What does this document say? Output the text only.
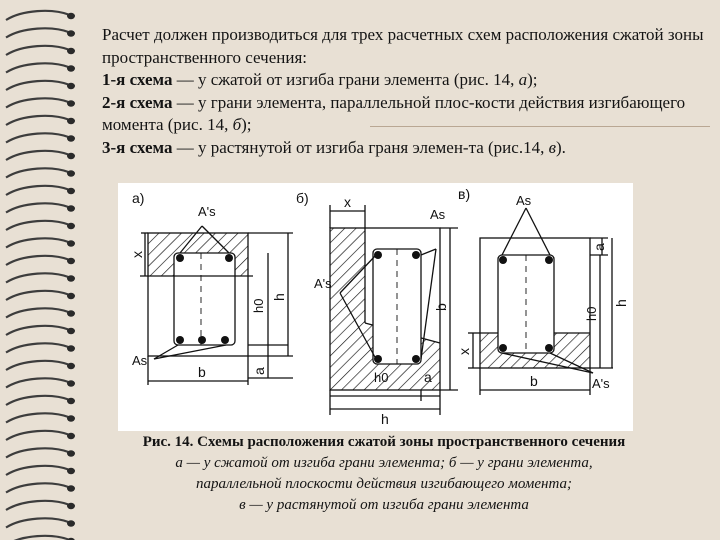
Расчет должен производиться для трех расчетных схем расположения сжатой зоны пространственного сечения:

1-я схема — у сжатой от изгиба грани элемента (рис. 14, а);

2-я схема — у грани элемента, параллельной плос-кости действия изгибающего момента (рис. 14, б);

3-я схема — у растянутой от изгиба граня элемен-та (рис.14, в).

а)
A's
x
h0
h
a
b
As
б)	x
As
A's
b
h0	a
h
в)	As
a
h0
h
x
b	A's
Рис. 14. Схемы расположения сжатой зоны пространственного сечения
а — у сжатой от изгиба грани элемента; б — у грани элемента,
параллельной плоскости действия изгибающего момента;
в — у растянутой от изгиба грани элемента
